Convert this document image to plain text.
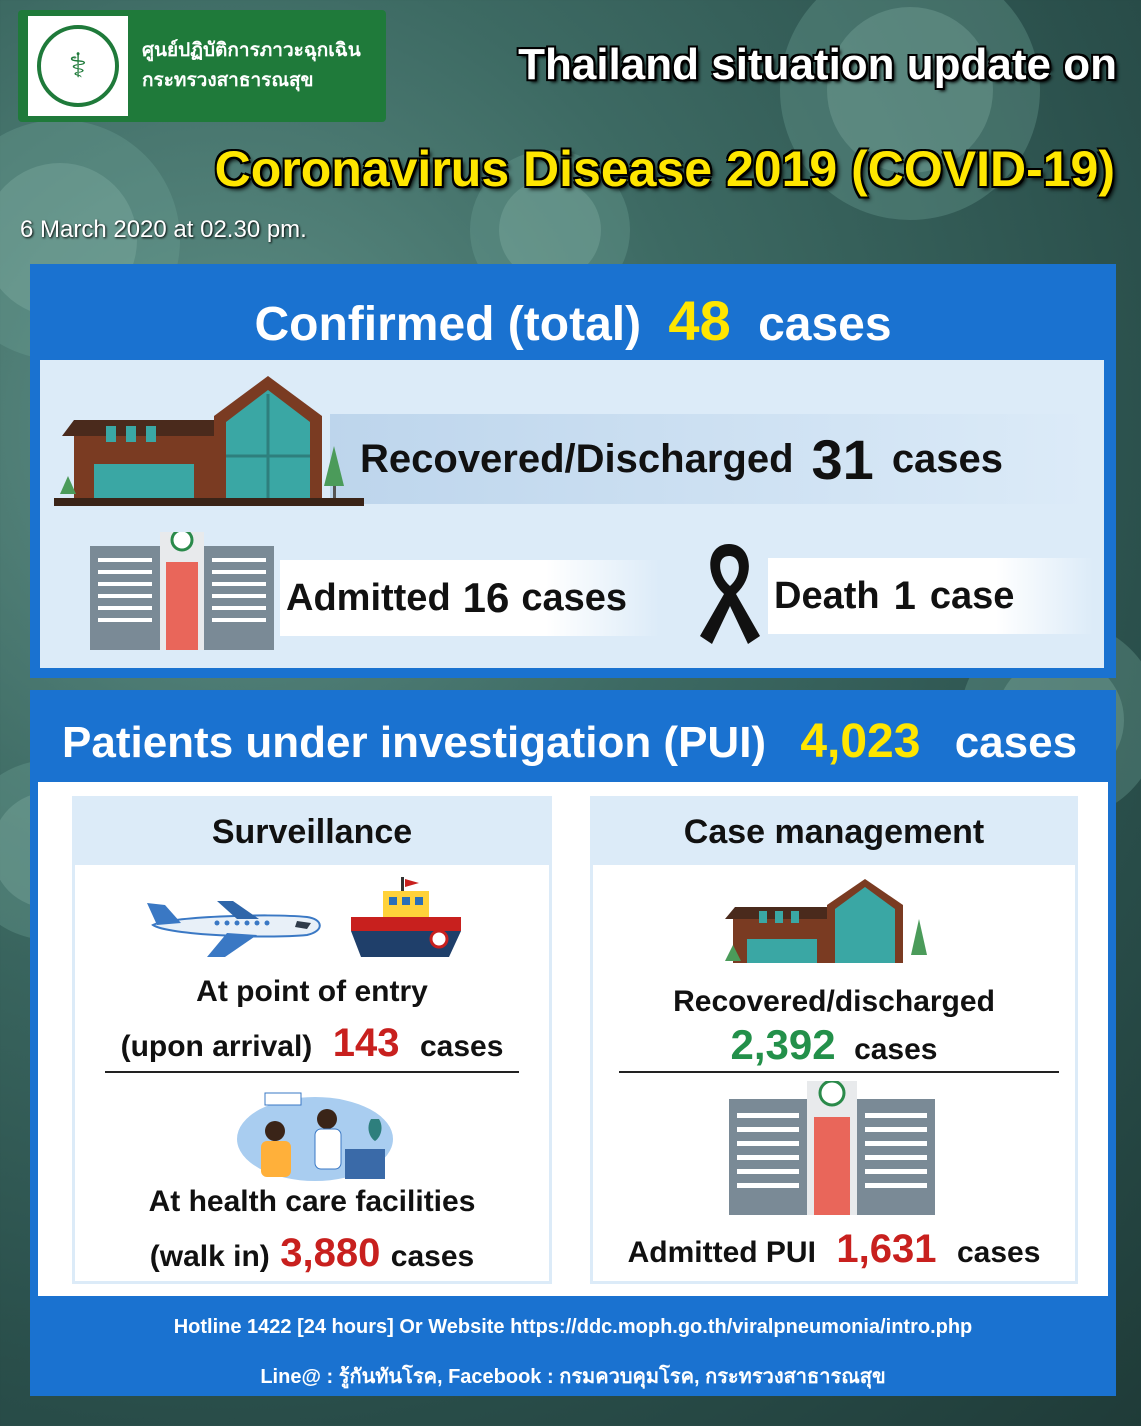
⚕	ศูนย์ปฏิบัติการภาวะฉุกเฉิน
กระทรวงสาธารณสุข	Thailand situation update on
Coronavirus Disease 2019 (COVID-19)
6 March 2020 at 02.30 pm.
Confirmed (total) 48 cases
Recovered/Discharged 31 cases
Admitted 16 cases	Death 1 case
Patients under investigation (PUI) 4,023 cases
Surveillance
At point of entry
(upon arrival) 143 cases
At health care facilities
(walk in) 3,880 cases
Case management
Recovered/discharged
2,392 cases
Admitted PUI 1,631 cases
Hotline 1422 [24 hours] Or Website https://ddc.moph.go.th/viralpneumonia/intro.php
Line@ : รู้กันทันโรค, Facebook : กรมควบคุมโรค, กระทรวงสาธารณสุข
